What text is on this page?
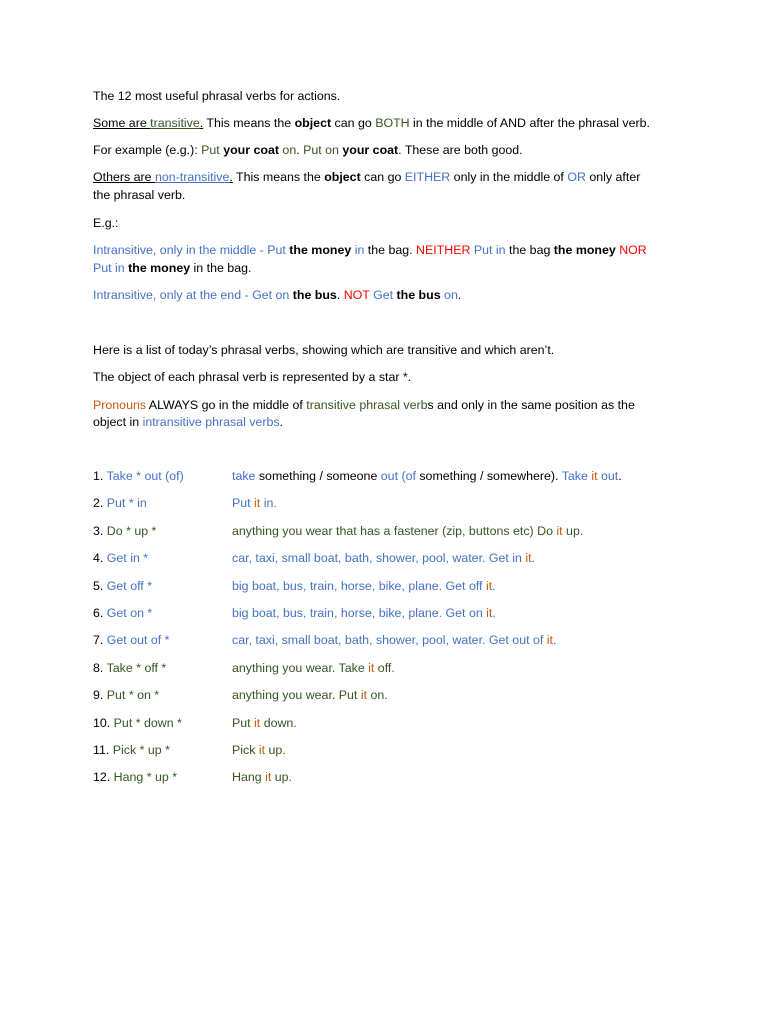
The 12 most useful phrasal verbs for actions.
Some are transitive. This means the object can go BOTH in the middle of AND after the phrasal verb.
For example (e.g.): Put your coat on. Put on your coat. These are both good.
Others are non-transitive. This means the object can go EITHER only in the middle of OR only after
the phrasal verb.
E.g.:
Intransitive, only in the middle - Put the money in the bag. NEITHER Put in the bag the money NOR
Put in the money in the bag.
Intransitive, only at the end - Get on the bus. NOT Get the bus on.
Here is a list of today’s phrasal verbs, showing which are transitive and which aren’t.
The object of each phrasal verb is represented by a star *.
Pronouns ALWAYS go in the middle of transitive phrasal verbs and only in the same position as the
object in intransitive phrasal verbs.
1. Take * out (of)	take something / someone out (of something / somewhere). Take it out.
2. Put * in	Put it in.
3. Do * up *	anything you wear that has a fastener (zip, buttons etc) Do it up.
4. Get in *	car, taxi, small boat, bath, shower, pool, water. Get in it.
5. Get off *	big boat, bus, train, horse, bike, plane. Get off it.
6. Get on *	big boat, bus, train, horse, bike, plane. Get on it.
7. Get out of *	car, taxi, small boat, bath, shower, pool, water. Get out of it.
8. Take * off *	anything you wear. Take it off.
9. Put * on *	anything you wear. Put it on.
10. Put * down *	Put it down.
11. Pick * up *	Pick it up.
12. Hang * up *	Hang it up.
